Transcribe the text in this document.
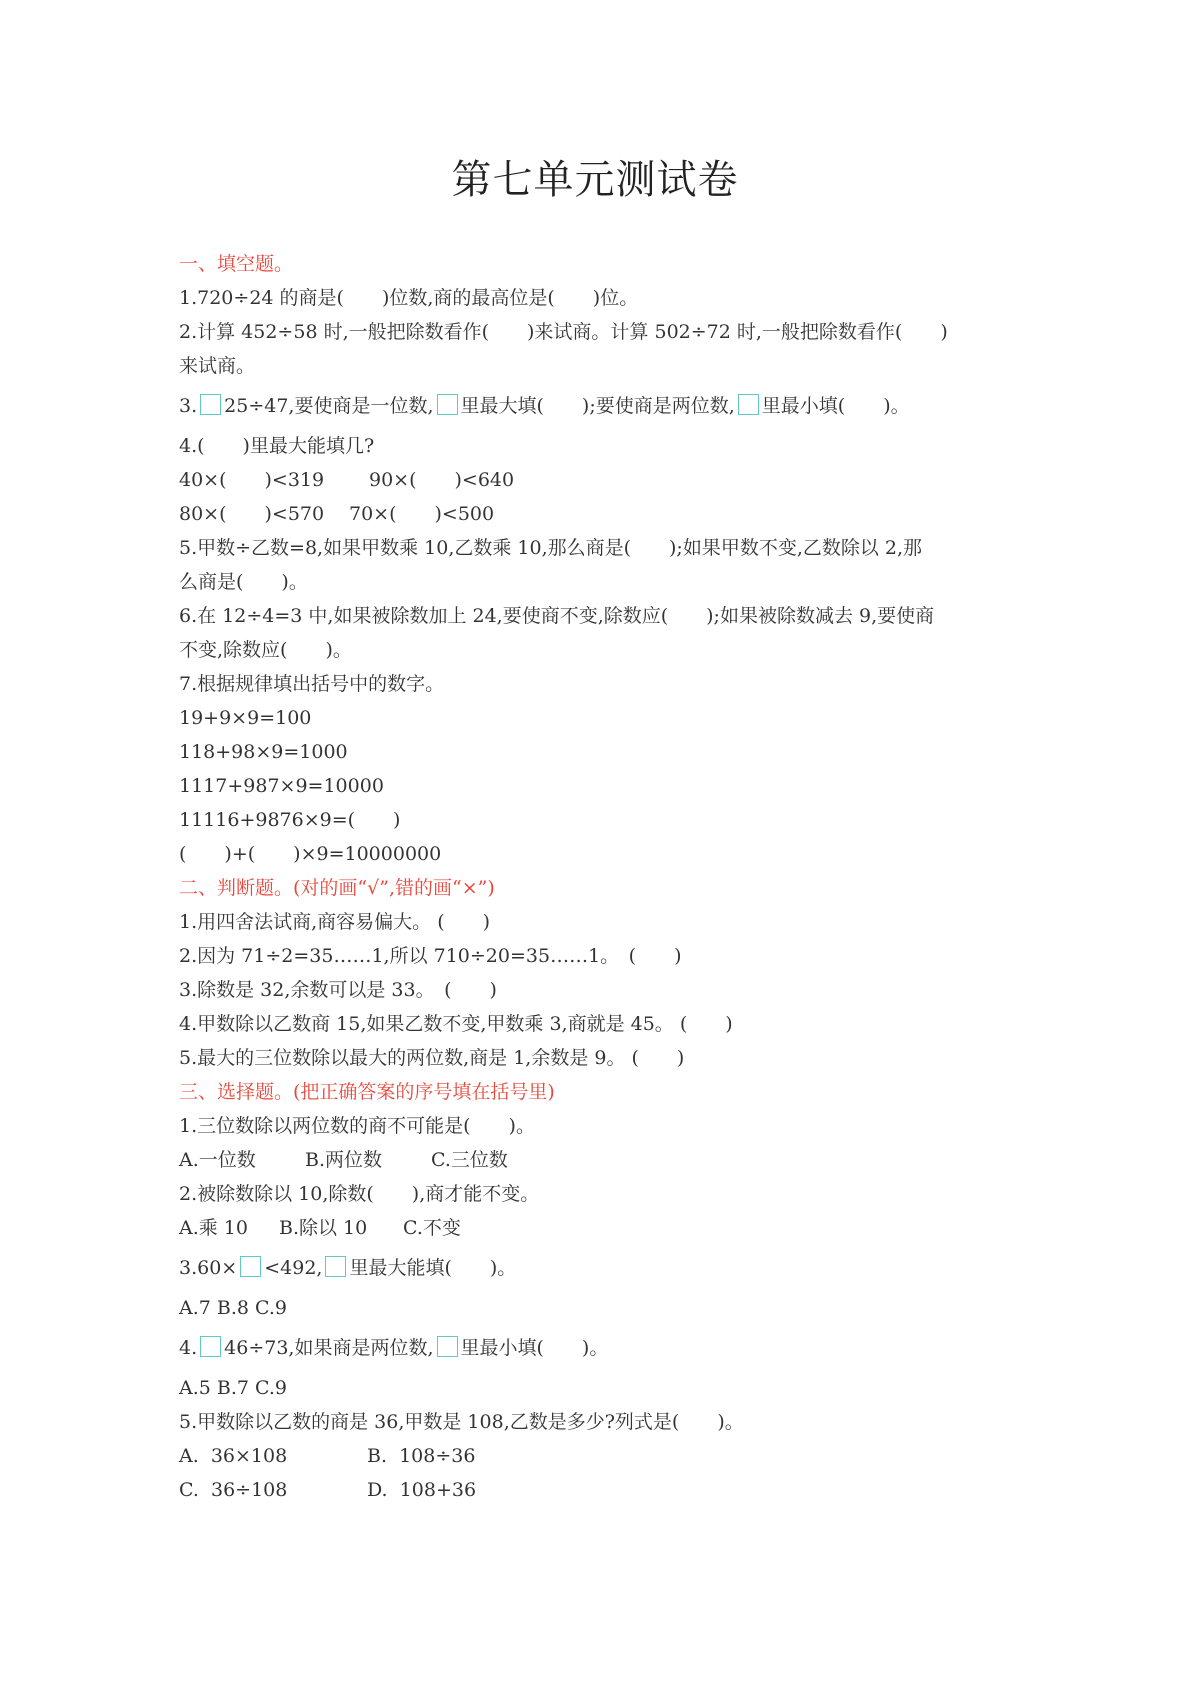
第七单元测试卷
一、填空题。
1.720÷24 的商是(　　)位数,商的最高位是(　　)位。
2.计算 452÷58 时,一般把除数看作(　　)来试商。计算 502÷72 时,一般把除数看作(　　)
来试商。
3. 25÷47,要使商是一位数, 里最大填(　　);要使商是两位数, 里最小填(　　)。
4.(　　)里最大能填几?
40×(　　)<319 90×(　　)<640
80×(　　)<570 70×(　　)<500
5.甲数÷乙数=8,如果甲数乘 10,乙数乘 10,那么商是(　　);如果甲数不变,乙数除以 2,那
么商是(　　)。
6.在 12÷4=3 中,如果被除数加上 24,要使商不变,除数应(　　);如果被除数减去 9,要使商
不变,除数应(　　)。
7.根据规律填出括号中的数字。
19+9×9=100
118+98×9=1000
1117+987×9=10000
11116+9876×9=(　　)
(　　)+(　　)×9=10000000
二、判断题。(对的画“√”,错的画“×”)
1.用四舍法试商,商容易偏大。 (　　)
2.因为 71÷2=35……1,所以 710÷20=35……1。　(　　)
3.除数是 32,余数可以是 33。　(　　)
4.甲数除以乙数商 15,如果乙数不变,甲数乘 3,商就是 45。 (　　)
5.最大的三位数除以最大的两位数,商是 1,余数是 9。 (　　)
三、选择题。(把正确答案的序号填在括号里)
1.三位数除以两位数的商不可能是(　　)。
A.一位数	B.两位数	C.三位数
2.被除数除以 10,除数(　　),商才能不变。
A.乘 10 B.除以 10 C.不变
3.60× <492, 里最大能填(　　)。
A.7 B.8 C.9
4. 46÷73,如果商是两位数, 里最小填(　　)。
A.5 B.7 C.9
5.甲数除以乙数的商是 36,甲数是 108,乙数是多少?列式是(　　)。
A.  36×108	B.  108÷36
C.  36÷108	D.  108+36
